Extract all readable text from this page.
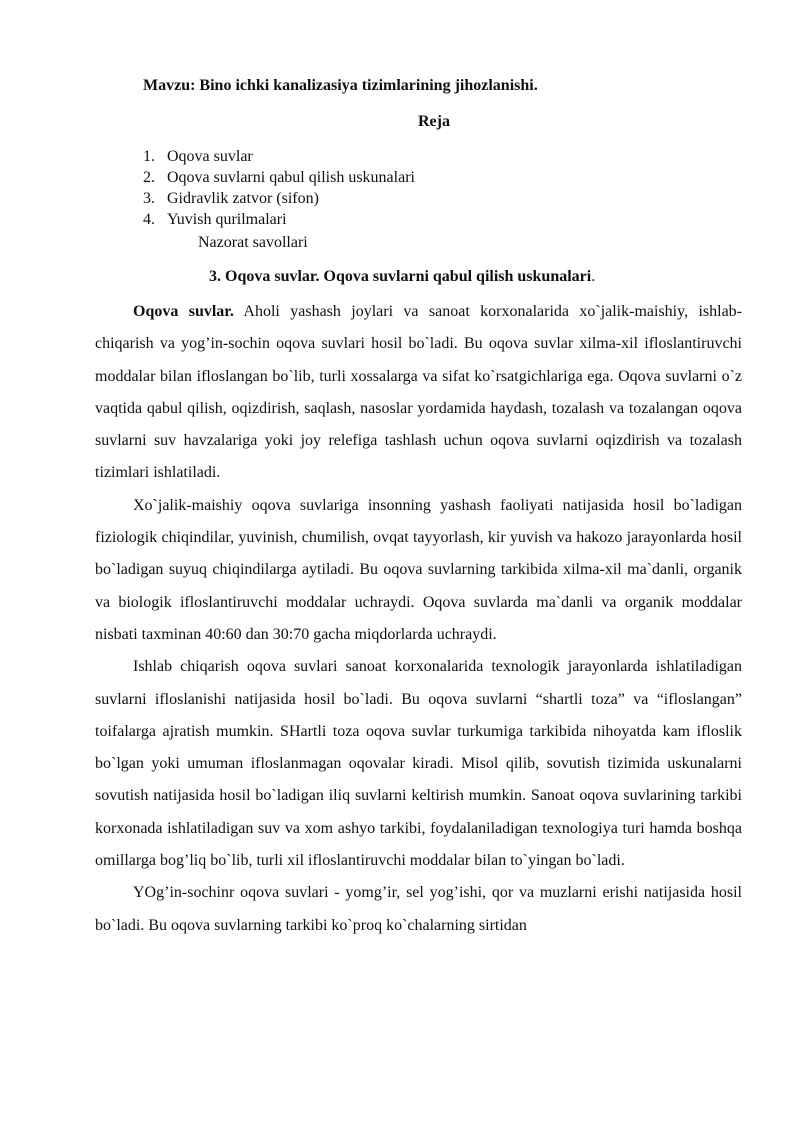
Mavzu: Bino ichki kanalizasiya tizimlarining jihozlanishi.
Reja
1. Oqova suvlar
2. Oqova suvlarni qabul qilish uskunalari
3. Gidravlik zatvor (sifon)
4. Yuvish qurilmalari
Nazorat savollari
3. Oqova suvlar. Oqova suvlarni qabul qilish uskunalari.

Oqova suvlar. Aholi yashash joylari va sanoat korxonalarida xo`jalik-maishiy, ishlab-chiqarish va yog’in-sochin oqova suvlari hosil bo`ladi. Bu oqova suvlar xilma-xil ifloslantiruvchi moddalar bilan ifloslangan bo`lib, turli xossalarga va sifat ko`rsatgichlariga ega. Oqova suvlarni o`z vaqtida qabul qilish, oqizdirish, saqlash, nasoslar yordamida haydash, tozalash va tozalangan oqova suvlarni suv havzalariga yoki joy relefiga tashlash uchun oqova suvlarni oqizdirish va tozalash tizimlari ishlatiladi.

Xo`jalik-maishiy oqova suvlariga insonning yashash faoliyati natijasida hosil bo`ladigan fiziologik chiqindilar, yuvinish, chumilish, ovqat tayyorlash, kir yuvish va hakozo jarayonlarda hosil bo`ladigan suyuq chiqindilarga aytiladi. Bu oqova suvlarning tarkibida xilma-xil ma`danli, organik va biologik ifloslantiruvchi moddalar uchraydi. Oqova suvlarda ma`danli va organik moddalar nisbati taxminan 40:60 dan 30:70 gacha miqdorlarda uchraydi.

Ishlab chiqarish oqova suvlari sanoat korxonalarida texnologik jarayonlarda ishlatiladigan suvlarni ifloslanishi natijasida hosil bo`ladi. Bu oqova suvlarni “shartli toza” va “ifloslangan” toifalarga ajratish mumkin. SHartli toza oqova suvlar turkumiga tarkibida nihoyatda kam ifloslik bo`lgan yoki umuman ifloslanmagan oqovalar kiradi. Misol qilib, sovutish tizimida uskunalarni sovutish natijasida hosil bo`ladigan iliq suvlarni keltirish mumkin. Sanoat oqova suvlarining tarkibi korxonada ishlatiladigan suv va xom ashyo tarkibi, foydalaniladigan texnologiya turi hamda boshqa omillarga bog’liq bo`lib, turli xil ifloslantiruvchi moddalar bilan to`yingan bo`ladi.

YOg’in-sochinr oqova suvlari - yomg’ir, sel yog’ishi, qor va muzlarni erishi natijasida hosil bo`ladi. Bu oqova suvlarning tarkibi ko`proq ko`chalarning sirtidan
